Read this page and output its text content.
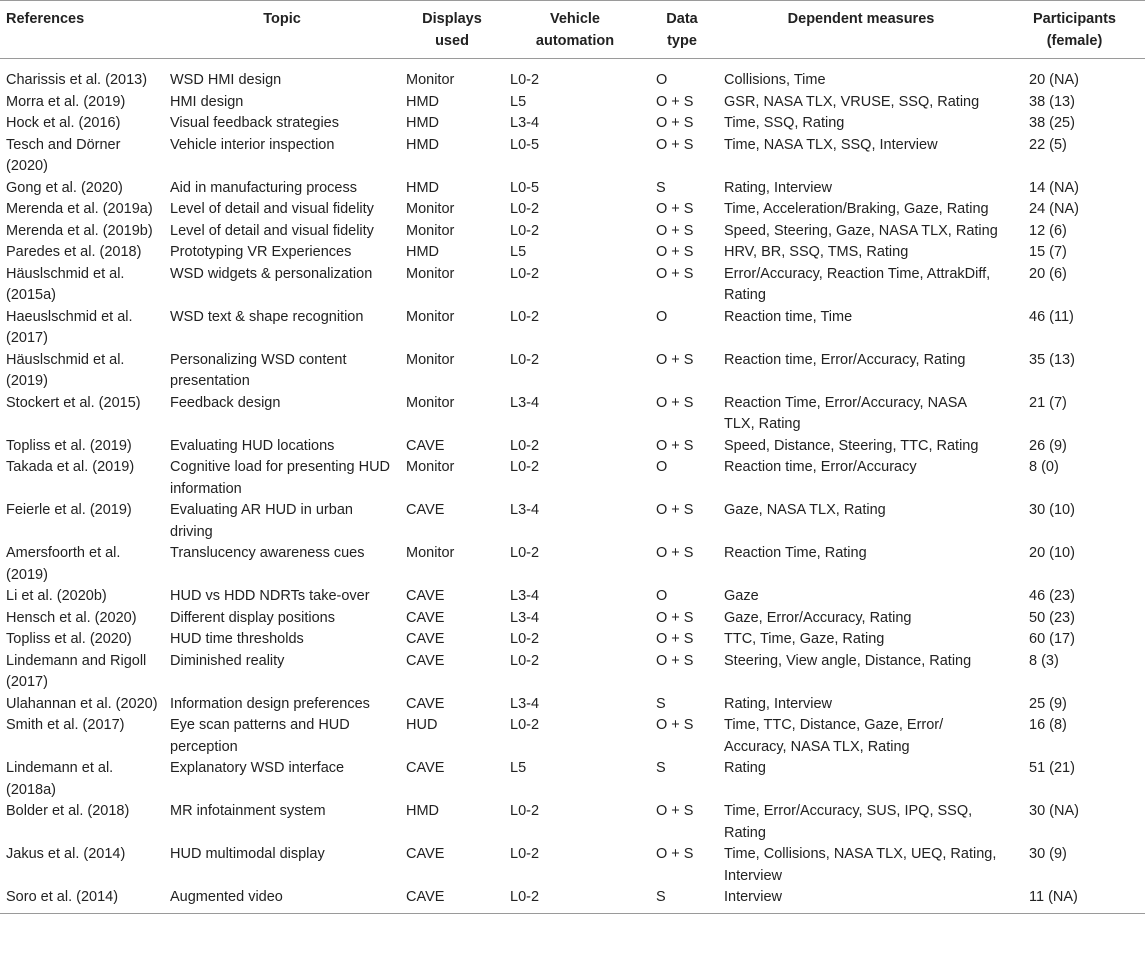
References	Topic	Displays used	Vehicle automation	Data type	Dependent measures	Participants (female)
Charissis et al. (2013)	WSD HMI design	Monitor	L0-2	O	Collisions, Time	20 (NA)
Morra et al. (2019)	HMI design	HMD	L5	O + S	GSR, NASA TLX, VRUSE, SSQ, Rating	38 (13)
Hock et al. (2016)	Visual feedback strategies	HMD	L3-4	O + S	Time, SSQ, Rating	38 (25)
Tesch and Dörner (2020)	Vehicle interior inspection	HMD	L0-5	O + S	Time, NASA TLX, SSQ, Interview	22 (5)
Gong et al. (2020)	Aid in manufacturing process	HMD	L0-5	S	Rating, Interview	14 (NA)
Merenda et al. (2019a)	Level of detail and visual fidelity	Monitor	L0-2	O + S	Time, Acceleration/Braking, Gaze, Rating	24 (NA)
Merenda et al. (2019b)	Level of detail and visual fidelity	Monitor	L0-2	O + S	Speed, Steering, Gaze, NASA TLX, Rating	12 (6)
Paredes et al. (2018)	Prototyping VR Experiences	HMD	L5	O + S	HRV, BR, SSQ, TMS, Rating	15 (7)
Häuslschmid et al. (2015a)	WSD widgets & personalization	Monitor	L0-2	O + S	Error/Accuracy, Reaction Time, AttrakDiff, Rating	20 (6)
Haeuslschmid et al. (2017)	WSD text & shape recognition	Monitor	L0-2	O	Reaction time, Time	46 (11)
Häuslschmid et al. (2019)	Personalizing WSD content presentation	Monitor	L0-2	O + S	Reaction time, Error/Accuracy, Rating	35 (13)
Stockert et al. (2015)	Feedback design	Monitor	L3-4	O + S	Reaction Time, Error/Accuracy, NASA TLX, Rating	21 (7)
Topliss et al. (2019)	Evaluating HUD locations	CAVE	L0-2	O + S	Speed, Distance, Steering, TTC, Rating	26 (9)
Takada et al. (2019)	Cognitive load for presenting HUD information	Monitor	L0-2	O	Reaction time, Error/Accuracy	8 (0)
Feierle et al. (2019)	Evaluating AR HUD in urban driving	CAVE	L3-4	O + S	Gaze, NASA TLX, Rating	30 (10)
Amersfoorth et al. (2019)	Translucency awareness cues	Monitor	L0-2	O + S	Reaction Time, Rating	20 (10)
Li et al. (2020b)	HUD vs HDD NDRTs take-over	CAVE	L3-4	O	Gaze	46 (23)
Hensch et al. (2020)	Different display positions	CAVE	L3-4	O + S	Gaze, Error/Accuracy, Rating	50 (23)
Topliss et al. (2020)	HUD time thresholds	CAVE	L0-2	O + S	TTC, Time, Gaze, Rating	60 (17)
Lindemann and Rigoll (2017)	Diminished reality	CAVE	L0-2	O + S	Steering, View angle, Distance, Rating	8 (3)
Ulahannan et al. (2020)	Information design preferences	CAVE	L3-4	S	Rating, Interview	25 (9)
Smith et al. (2017)	Eye scan patterns and HUD perception	HUD	L0-2	O + S	Time, TTC, Distance, Gaze, Error/ Accuracy, NASA TLX, Rating	16 (8)
Lindemann et al. (2018a)	Explanatory WSD interface	CAVE	L5	S	Rating	51 (21)
Bolder et al. (2018)	MR infotainment system	HMD	L0-2	O + S	Time, Error/Accuracy, SUS, IPQ, SSQ, Rating	30 (NA)
Jakus et al. (2014)	HUD multimodal display	CAVE	L0-2	O + S	Time, Collisions, NASA TLX, UEQ, Rating, Interview	30 (9)
Soro et al. (2014)	Augmented video	CAVE	L0-2	S	Interview	11 (NA)
